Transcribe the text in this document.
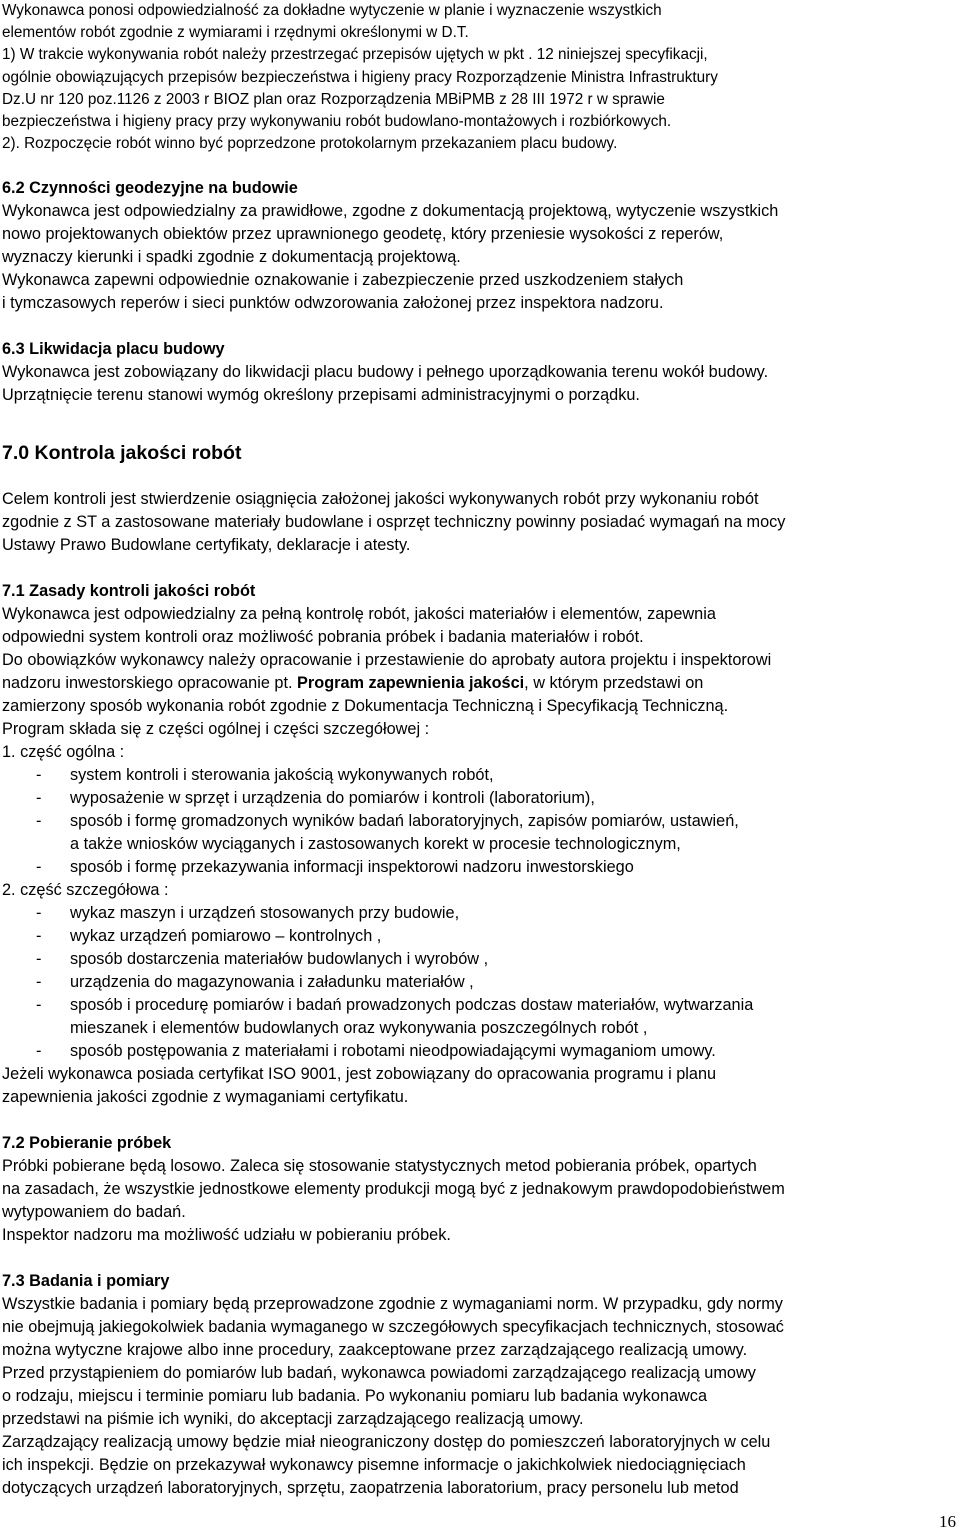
Wykonawca ponosi odpowiedzialność za dokładne wytyczenie w planie i wyznaczenie wszystkich

elementów robót zgodnie z wymiarami i rzędnymi określonymi w D.T.

1) W trakcie wykonywania robót należy przestrzegać przepisów ujętych w pkt . 12 niniejszej specyfikacji,

ogólnie obowiązujących przepisów bezpieczeństwa i higieny pracy Rozporządzenie Ministra Infrastruktury

Dz.U nr 120 poz.1126 z 2003 r BIOZ plan oraz Rozporządzenia MBiPMB z 28 III 1972 r w sprawie

bezpieczeństwa i higieny pracy przy wykonywaniu robót budowlano-montażowych i rozbiórkowych.

2). Rozpoczęcie robót winno być poprzedzone protokolarnym przekazaniem placu budowy.

6.2 Czynności geodezyjne na budowie

Wykonawca jest odpowiedzialny za prawidłowe, zgodne z dokumentacją projektową, wytyczenie wszystkich

nowo projektowanych obiektów przez uprawnionego geodetę, który przeniesie wysokości z reperów,

wyznaczy kierunki i spadki zgodnie z dokumentacją projektową.

Wykonawca zapewni odpowiednie oznakowanie i zabezpieczenie przed uszkodzeniem stałych

i tymczasowych reperów i sieci punktów odwzorowania założonej przez inspektora nadzoru.

6.3 Likwidacja placu budowy

Wykonawca jest zobowiązany do likwidacji placu budowy i pełnego uporządkowania terenu wokół budowy.

Uprzątnięcie terenu stanowi wymóg określony przepisami administracyjnymi o porządku.

7.0 Kontrola jakości robót

Celem kontroli jest stwierdzenie osiągnięcia założonej jakości wykonywanych robót przy wykonaniu robót

zgodnie z ST a zastosowane materiały budowlane i osprzęt techniczny powinny posiadać wymagań na mocy

Ustawy Prawo Budowlane certyfikaty, deklaracje i atesty.

7.1 Zasady kontroli jakości robót

Wykonawca jest odpowiedzialny za pełną kontrolę robót, jakości materiałów i elementów, zapewnia

odpowiedni system kontroli oraz możliwość pobrania próbek i badania materiałów i robót.

Do obowiązków wykonawcy należy opracowanie i przestawienie do aprobaty autora projektu i inspektorowi

nadzoru inwestorskiego opracowanie pt. Program zapewnienia jakości, w którym przedstawi on

zamierzony sposób wykonania robót zgodnie z Dokumentacja Techniczną i Specyfikacją Techniczną.

Program składa się z części ogólnej i części szczegółowej :

1. część ogólna :

- system kontroli i sterowania jakością wykonywanych robót,

- wyposażenie w sprzęt i urządzenia do pomiarów i kontroli (laboratorium),

- sposób i formę gromadzonych wyników badań laboratoryjnych, zapisów pomiarów, ustawień,

a także wniosków wyciąganych i zastosowanych korekt w procesie technologicznym,

- sposób i formę przekazywania informacji inspektorowi nadzoru inwestorskiego

2. część szczegółowa :

- wykaz maszyn i urządzeń stosowanych przy budowie,

- wykaz urządzeń pomiarowo – kontrolnych ,

- sposób dostarczenia materiałów budowlanych i wyrobów ,

- urządzenia do magazynowania i załadunku materiałów ,

- sposób i procedurę pomiarów i badań prowadzonych podczas dostaw materiałów, wytwarzania

mieszanek i elementów budowlanych oraz wykonywania poszczególnych robót ,

- sposób postępowania z materiałami i robotami nieodpowiadającymi wymaganiom umowy.

Jeżeli wykonawca posiada certyfikat ISO 9001, jest zobowiązany do opracowania programu i planu

zapewnienia jakości zgodnie z wymaganiami certyfikatu.

7.2 Pobieranie próbek

Próbki pobierane będą losowo. Zaleca się stosowanie statystycznych metod pobierania próbek, opartych

na zasadach, że wszystkie jednostkowe elementy produkcji mogą być z jednakowym prawdopodobieństwem

wytypowaniem do badań.

Inspektor nadzoru ma możliwość udziału w pobieraniu próbek.

7.3 Badania i pomiary

Wszystkie badania i pomiary będą przeprowadzone zgodnie z wymaganiami norm. W przypadku, gdy normy

nie obejmują jakiegokolwiek badania wymaganego w szczegółowych specyfikacjach technicznych, stosować

można wytyczne krajowe albo inne procedury, zaakceptowane przez zarządzającego realizacją umowy.

Przed przystąpieniem do pomiarów lub badań, wykonawca powiadomi zarządzającego realizacją umowy

o rodzaju, miejscu i terminie pomiaru lub badania. Po wykonaniu pomiaru lub badania wykonawca

przedstawi na piśmie ich wyniki, do akceptacji zarządzającego realizacją umowy.

Zarządzający realizacją umowy będzie miał nieograniczony dostęp do pomieszczeń laboratoryjnych w celu

ich inspekcji. Będzie on przekazywał wykonawcy pisemne informacje o jakichkolwiek niedociągnięciach

dotyczących urządzeń laboratoryjnych, sprzętu, zaopatrzenia laboratorium, pracy personelu lub metod

16
